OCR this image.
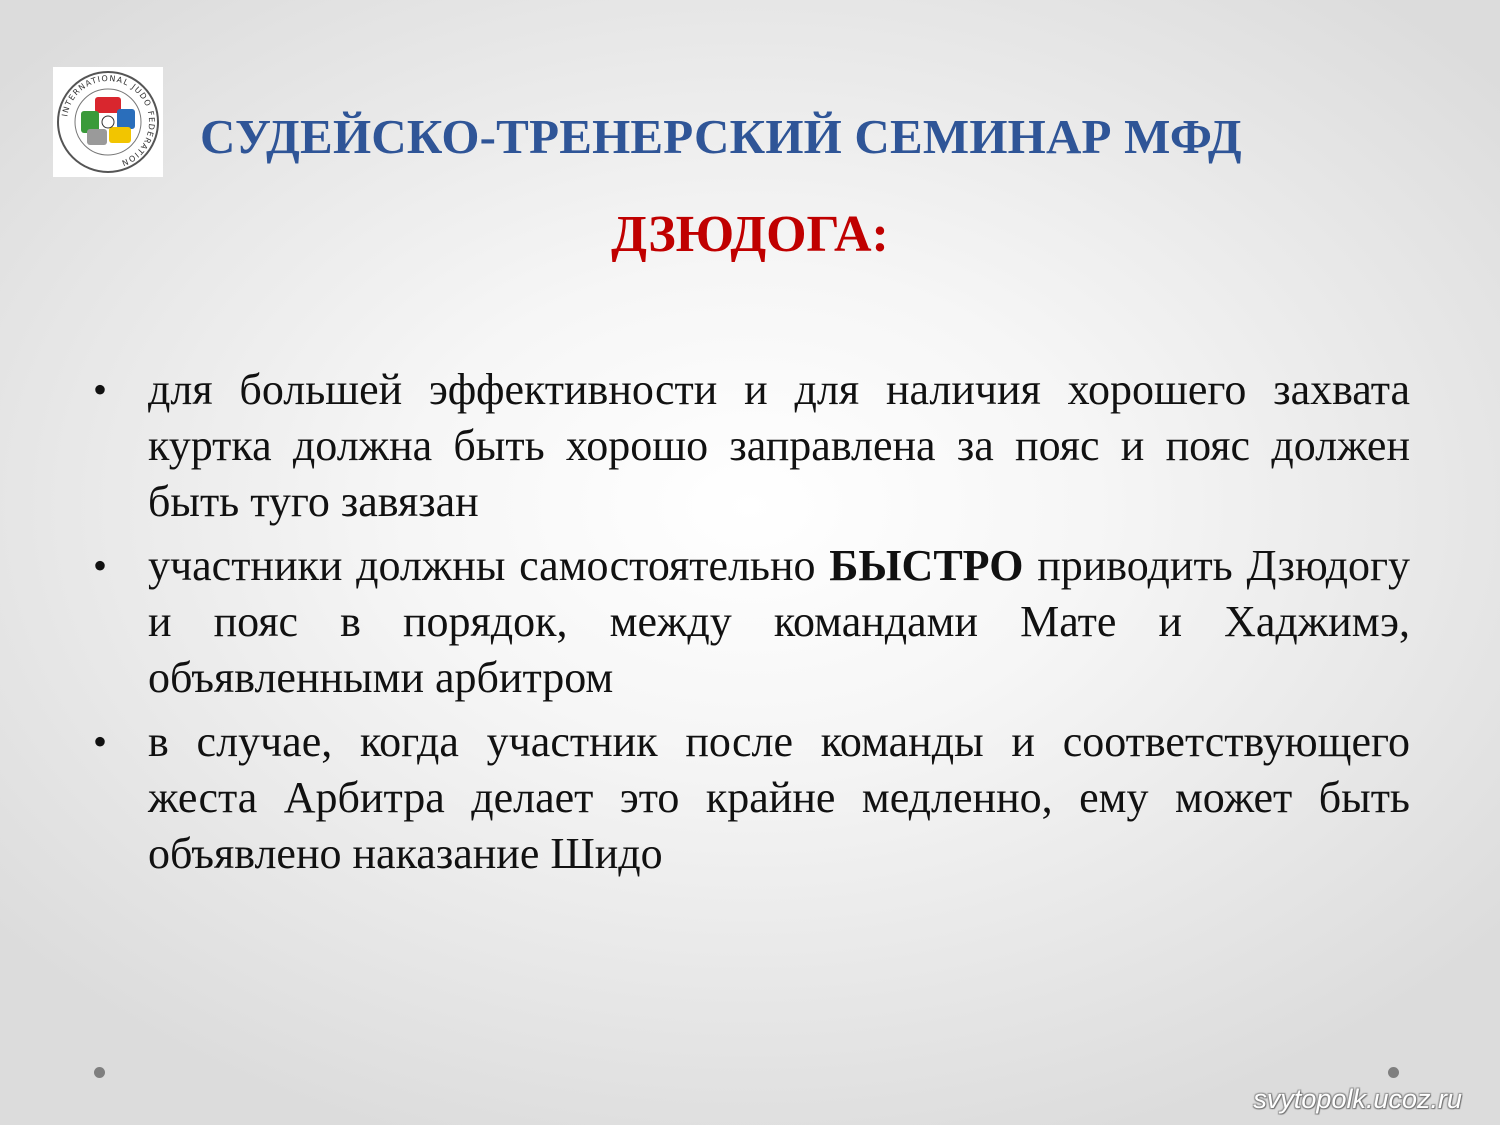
INTERNATIONAL JUDO FEDERATION	СУДЕЙСКО-ТРЕНЕРСКИЙ СЕМИНАР МФД
ДЗЮДОГА:
• для большей эффективности и для наличия хорошего захвата куртка должна быть хорошо заправлена за пояс и пояс должен быть туго завязан
• участники должны самостоятельно БЫСТРО приводить Дзюдогу и пояс в порядок, между командами Мате и Хаджимэ, объявленными арбитром
• в случае, когда участник после команды и соответствующего жеста Арбитра делает это крайне медленно, ему может быть объявлено наказание Шидо
svytopolk.ucoz.ru
